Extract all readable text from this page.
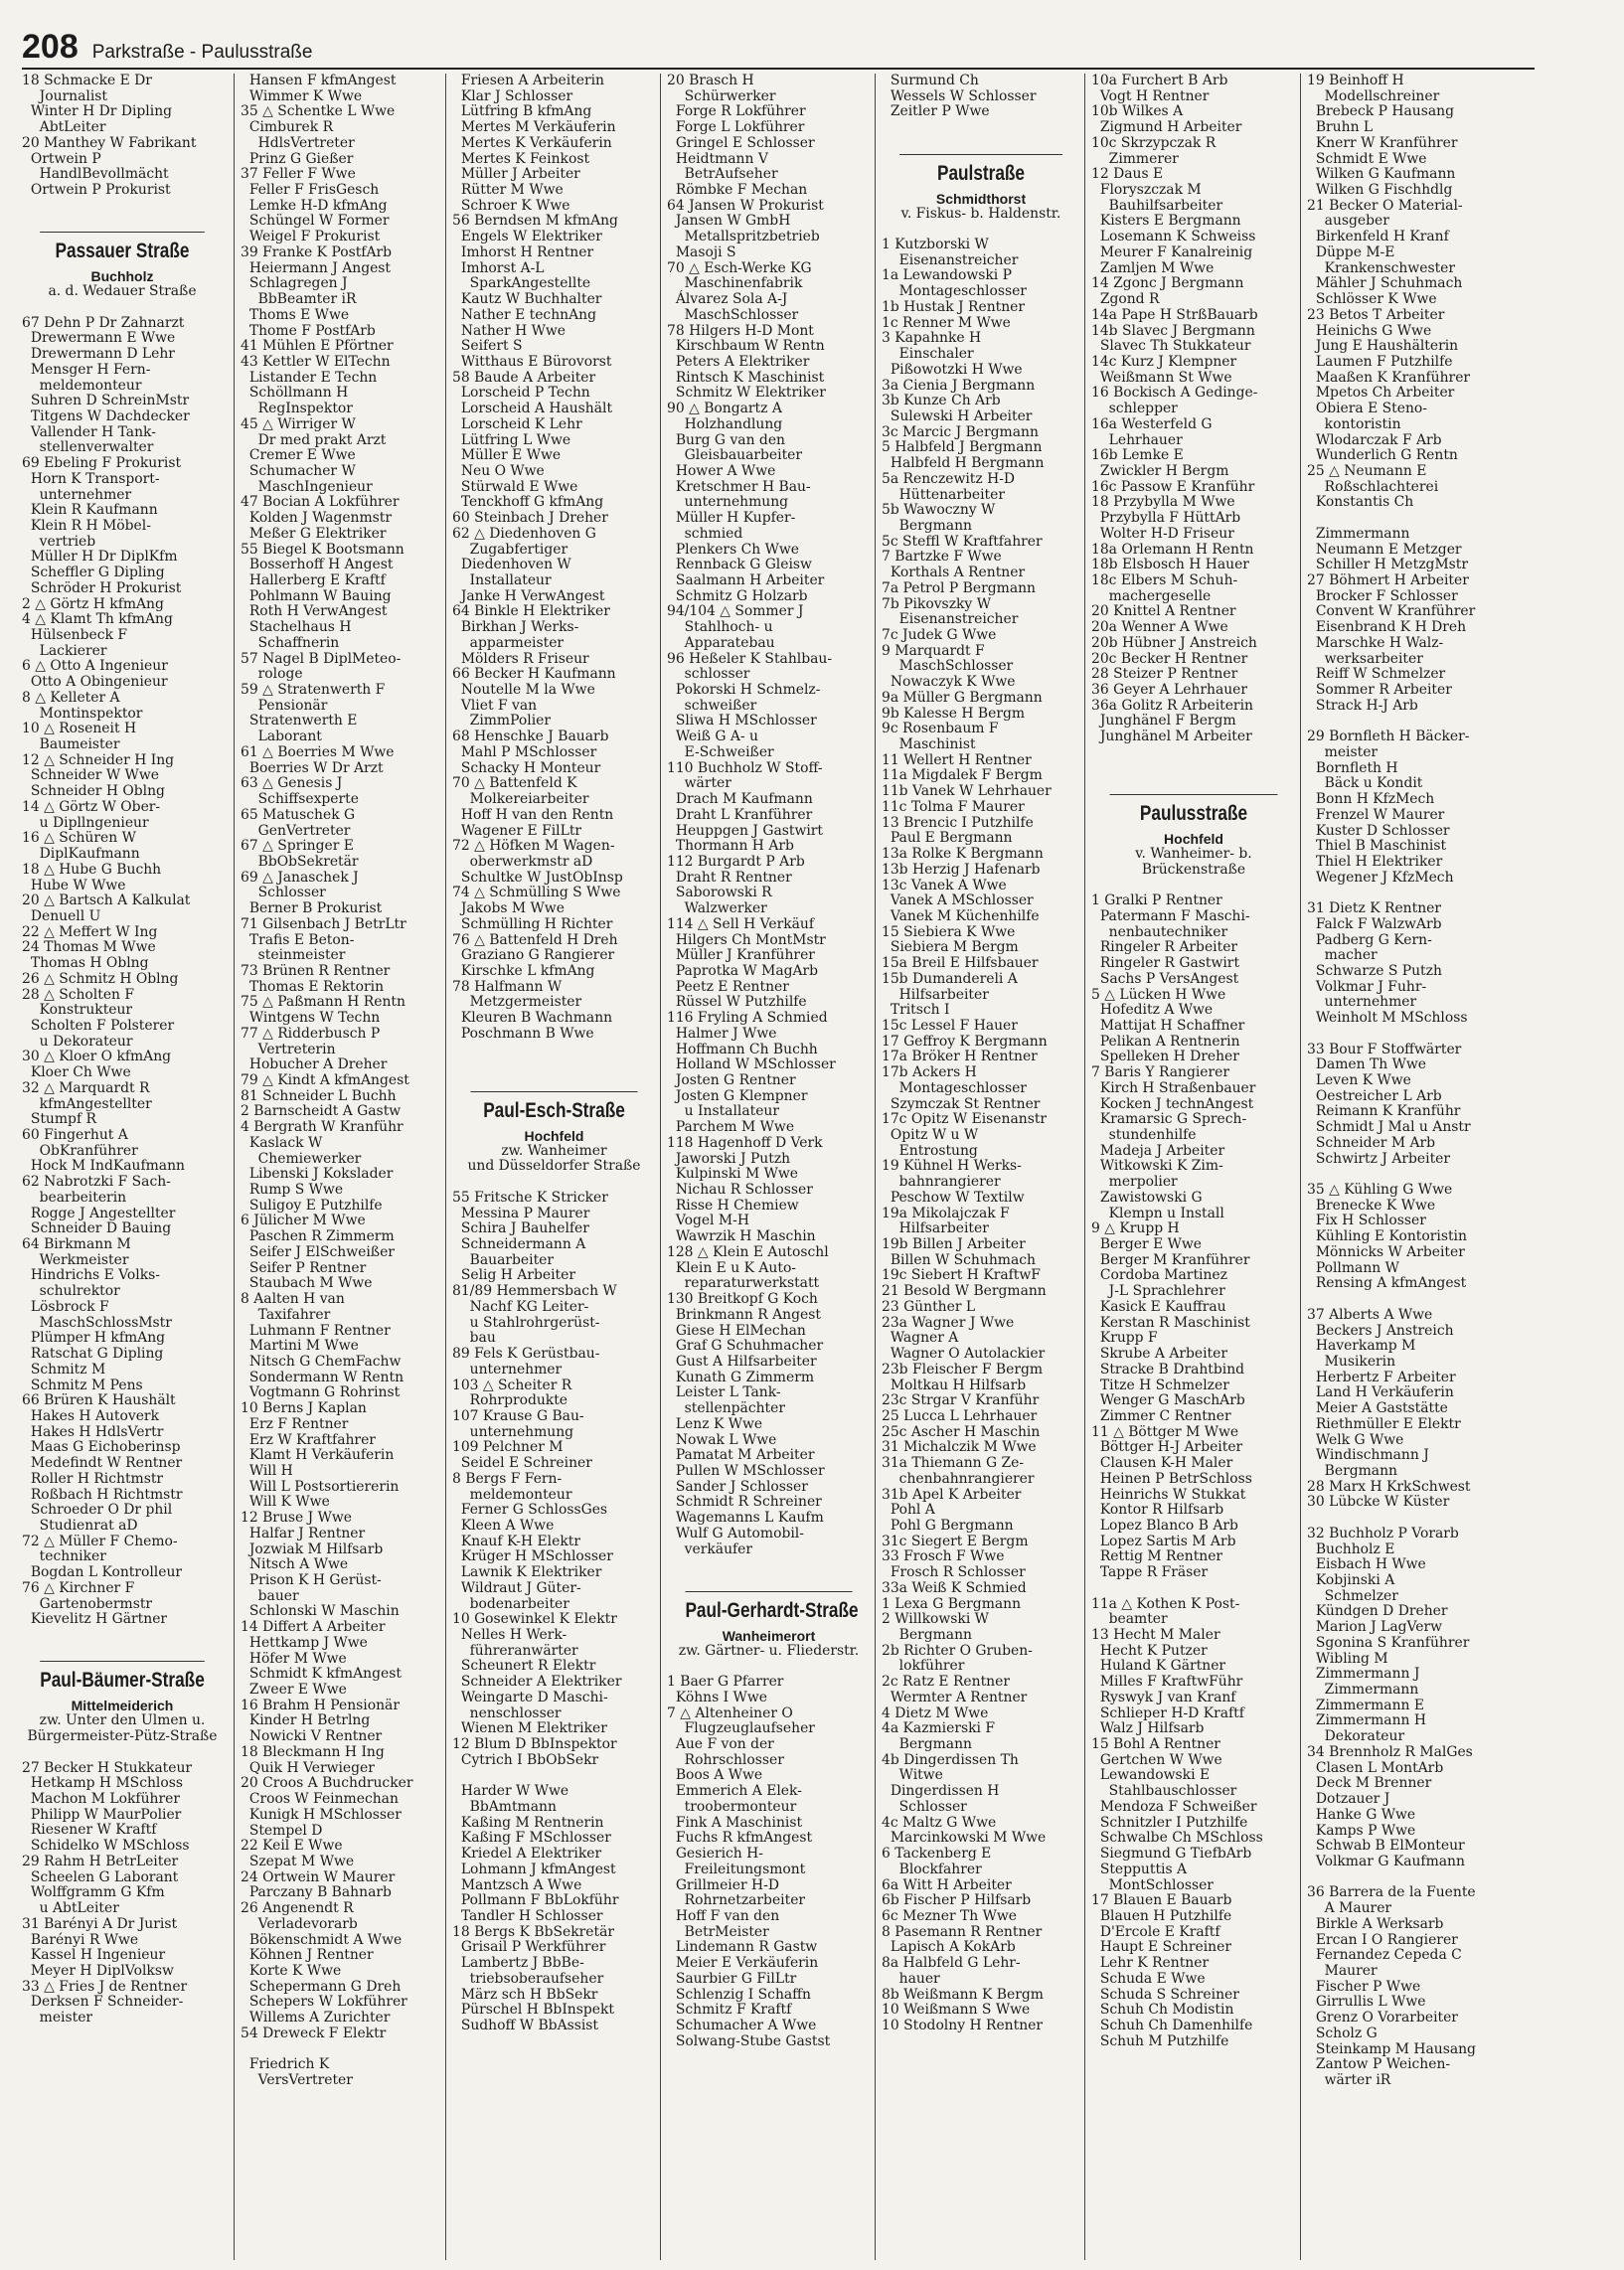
208 Parkstraße - Paulusstraße
18 Schmacke E Dr
Journalist
Winter H Dr Dipling
AbtLeiter
20 Manthey W Fabrikant
Ortwein P
HandlBevollmächt
Ortwein P Prokurist
Passauer Straße
Buchholz
a. d. Wedauer Straße
67 Dehn P Dr Zahnarzt
Drewermann E Wwe
Drewermann D Lehr
Mensger H Fern-
meldemonteur
Suhren D SchreinMstr
Titgens W Dachdecker
Vallender H Tank-
stellenverwalter
69 Ebeling F Prokurist
Horn K Transport-
unternehmer
Klein R Kaufmann
Klein R H Möbel-
vertrieb
Müller H Dr DiplKfm
Scheffler G Dipling
Schröder H Prokurist
2 △ Görtz H kfmAng
4 △ Klamt Th kfmAng
Hülsenbeck F
Lackierer
6 △ Otto A Ingenieur
Otto A Obingenieur
8 △ Kelleter A
Montinspektor
10 △ Roseneit H
Baumeister
12 △ Schneider H Ing
Schneider W Wwe
Schneider H Oblng
14 △ Görtz W Ober-
u Dipllngenieur
16 △ Schüren W
DiplKaufmann
18 △ Hube G Buchh
Hube W Wwe
20 △ Bartsch A Kalkulat
Denuell U
22 △ Meffert W Ing
24 Thomas M Wwe
Thomas H Oblng
26 △ Schmitz H Oblng
28 △ Scholten F
Konstrukteur
Scholten F Polsterer
u Dekorateur
30 △ Kloer O kfmAng
Kloer Ch Wwe
32 △ Marquardt R
kfmAngestellter
Stumpf R
60 Fingerhut A
ObKranführer
Hock M IndKaufmann
62 Nabrotzki F Sach-
bearbeiterin
Rogge J Angestellter
Schneider D Bauing
64 Birkmann M
Werkmeister
Hindrichs E Volks-
schulrektor
Lösbrock F
MaschSchlossMstr
Plümper H kfmAng
Ratschat G Dipling
Schmitz M
Schmitz M Pens
66 Brüren K Haushält
Hakes H Autoverk
Hakes H HdlsVertr
Maas G Eichoberinsp
Medefindt W Rentner
Roller H Richtmstr
Roßbach H Richtmstr
Schroeder O Dr phil
Studienrat aD
72 △ Müller F Chemo-
techniker
Bogdan L Kontrolleur
76 △ Kirchner F
Gartenobermstr
Kievelitz H Gärtner
Paul-Bäumer-Straße
Mittelmeiderich
zw. Unter den Ulmen u.
Bürgermeister-Pütz-Straße
27 Becker H Stukkateur
Hetkamp H MSchloss
Machon M Lokführer
Philipp W MaurPolier
Riesener W Kraftf
Schidelko W MSchloss
29 Rahm H BetrLeiter
Scheelen G Laborant
Wolffgramm G Kfm
u AbtLeiter
31 Barényi A Dr Jurist
Barényi R Wwe
Kassel H Ingenieur
Meyer H DiplVolksw
33 △ Fries J de Rentner
Derksen F Schneider-
meister
Hansen F kfmAngest
Wimmer K Wwe
35 △ Schentke L Wwe
Cimburek R
HdlsVertreter
Prinz G Gießer
37 Feller F Wwe
Feller F FrisGesch
Lemke H-D kfmAng
Schüngel W Former
Weigel F Prokurist
39 Franke K PostfArb
Heiermann J Angest
Schlagregen J
BbBeamter iR
Thoms E Wwe
Thome F PostfArb
41 Mühlen E Pförtner
43 Kettler W ElTechn
Listander E Techn
Schöllmann H
RegInspektor
45 △ Wirriger W
Dr med prakt Arzt
Cremer E Wwe
Schumacher W
MaschIngenieur
47 Bocian A Lokführer
Kolden J Wagenmstr
Meßer G Elektriker
55 Biegel K Bootsmann
Bosserhoff H Angest
Hallerberg E Kraftf
Pohlmann W Bauing
Roth H VerwAngest
Stachelhaus H
Schaffnerin
57 Nagel B DiplMeteo-
rologe
59 △ Stratenwerth F
Pensionär
Stratenwerth E
Laborant
61 △ Boerries M Wwe
Boerries W Dr Arzt
63 △ Genesis J
Schiffsexperte
65 Matuschek G
GenVertreter
67 △ Springer E
BbObSekretär
69 △ Janaschek J
Schlosser
Berner B Prokurist
71 Gilsenbach J BetrLtr
Trafis E Beton-
steinmeister
73 Brünen R Rentner
Thomas E Rektorin
75 △ Paßmann H Rentn
Wintgens W Techn
77 △ Ridderbusch P
Vertreterin
Hobucher A Dreher
79 △ Kindt A kfmAngest
81 Schneider L Buchh
2 Barnscheidt A Gastw
4 Bergrath W Kranführ
Kaslack W
Chemiewerker
Libenski J Kokslader
Rump S Wwe
Suligoy E Putzhilfe
6 Jülicher M Wwe
Paschen R Zimmerm
Seifer J ElSchweißer
Seifer P Rentner
Staubach M Wwe
8 Aalten H van
Taxifahrer
Luhmann F Rentner
Martini M Wwe
Nitsch G ChemFachw
Sondermann W Rentn
Vogtmann G Rohrinst
10 Berns J Kaplan
Erz F Rentner
Erz W Kraftfahrer
Klamt H Verkäuferin
Will H
Will L Postsortiererin
Will K Wwe
12 Bruse J Wwe
Halfar J Rentner
Jozwiak M Hilfsarb
Nitsch A Wwe
Prison K H Gerüst-
bauer
Schlonski W Maschin
14 Differt A Arbeiter
Hettkamp J Wwe
Höfer M Wwe
Schmidt K kfmAngest
Zweer E Wwe
16 Brahm H Pensionär
Kinder H Betrlng
Nowicki V Rentner
18 Bleckmann H Ing
Quik H Verwieger
20 Croos A Buchdrucker
Croos W Feinmechan
Kunigk H MSchlosser
Stempel D
22 Keil E Wwe
Szepat M Wwe
24 Ortwein W Maurer
Parczany B Bahnarb
26 Angenendt R
Verladevorarb
Bökenschmidt A Wwe
Köhnen J Rentner
Korte K Wwe
Schepermann G Dreh
Schepers W Lokführer
Willems A Zurichter
54 Dreweck F Elektr
Friedrich K
VersVertreter
Friesen A Arbeiterin
Klar J Schlosser
Lütfring B kfmAng
Mertes M Verkäuferin
Mertes K Verkäuferin
Mertes K Feinkost
Müller J Arbeiter
Rütter M Wwe
Schroer K Wwe
56 Berndsen M kfmAng
Engels W Elektriker
Imhorst H Rentner
Imhorst A-L
SparkAngestellte
Kautz W Buchhalter
Nather E technAng
Nather H Wwe
Seifert S
Witthaus E Bürovorst
58 Baude A Arbeiter
Lorscheid P Techn
Lorscheid A Haushält
Lorscheid K Lehr
Lütfring L Wwe
Müller E Wwe
Neu O Wwe
Stürwald E Wwe
Tenckhoff G kfmAng
60 Steinbach J Dreher
62 △ Diedenhoven G
Zugabfertiger
Diedenhoven W
Installateur
Janke H VerwAngest
64 Binkle H Elektriker
Birkhan J Werks-
apparmeister
Mölders R Friseur
66 Becker H Kaufmann
Noutelle M la Wwe
Vliet F van
ZimmPolier
68 Henschke J Bauarb
Mahl P MSchlosser
Schacky H Monteur
70 △ Battenfeld K
Molkereiarbeiter
Hoff H van den Rentn
Wagener E FilLtr
72 △ Höfken M Wagen-
oberwerkmstr aD
Schultke W JustObInsp
74 △ Schmülling S Wwe
Jakobs M Wwe
Schmülling H Richter
76 △ Battenfeld H Dreh
Graziano G Rangierer
Kirschke L kfmAng
78 Halfmann W
Metzgermeister
Kleuren B Wachmann
Poschmann B Wwe
Paul-Esch-Straße
Hochfeld
zw. Wanheimer
und Düsseldorfer Straße
55 Fritsche K Stricker
Messina P Maurer
Schira J Bauhelfer
Schneidermann A
Bauarbeiter
Selig H Arbeiter
81/89 Hemmersbach W
Nachf KG Leiter-
u Stahlrohrgerüst-
bau
89 Fels K Gerüstbau-
unternehmer
103 △ Scheiter R
Rohrprodukte
107 Krause G Bau-
unternehmung
109 Pelchner M
Seidel E Schreiner
8 Bergs F Fern-
meldemonteur
Ferner G SchlossGes
Kleen A Wwe
Knauf K-H Elektr
Krüger H MSchlosser
Lawnik K Elektriker
Wildraut J Güter-
bodenarbeiter
10 Gosewinkel K Elektr
Nelles H Werk-
führeranwärter
Scheunert R Elektr
Schneider A Elektriker
Weingarte D Maschi-
nenschlosser
Wienen M Elektriker
12 Blum D BbInspektor
Cytrich I BbObSekr
Harder W Wwe
BbAmtmann
Kaßing M Rentnerin
Kaßing F MSchlosser
Kriedel A Elektriker
Lohmann J kfmAngest
Mantzsch A Wwe
Pollmann F BbLokführ
Tandler H Schlosser
18 Bergs K BbSekretär
Grisail P Werkführer
Lambertz J BbBe-
triebsoberaufseher
März sch H BbSekr
Pürschel H BbInspekt
Sudhoff W BbAssist
20 Brasch H
Schürwerker
Forge R Lokführer
Forge L Lokführer
Gringel E Schlosser
Heidtmann V
BetrAufseher
Römbke F Mechan
64 Jansen W Prokurist
Jansen W GmbH
Metallspritzbetrieb
Masoji S
70 △ Esch-Werke KG
Maschinenfabrik
Álvarez Sola A-J
MaschSchlosser
78 Hilgers H-D Mont
Kirschbaum W Rentn
Peters A Elektriker
Rintsch K Maschinist
Schmitz W Elektriker
90 △ Bongartz A
Holzhandlung
Burg G van den
Gleisbauarbeiter
Hower A Wwe
Kretschmer H Bau-
unternehmung
Müller H Kupfer-
schmied
Plenkers Ch Wwe
Rennback G Gleisw
Saalmann H Arbeiter
Schmitz G Holzarb
94/104 △ Sommer J
Stahlhoch- u
Apparatebau
96 Heßeler K Stahlbau-
schlosser
Pokorski H Schmelz-
schweißer
Sliwa H MSchlosser
Weiß G A- u
E-Schweißer
110 Buchholz W Stoff-
wärter
Drach M Kaufmann
Draht L Kranführer
Heuppgen J Gastwirt
Thormann H Arb
112 Burgardt P Arb
Draht R Rentner
Saborowski R
Walzwerker
114 △ Sell H Verkäuf
Hilgers Ch MontMstr
Müller J Kranführer
Paprotka W MagArb
Peetz E Rentner
Rüssel W Putzhilfe
116 Fryling A Schmied
Halmer J Wwe
Hoffmann Ch Buchh
Holland W MSchlosser
Josten G Rentner
Josten G Klempner
u Installateur
Parchem M Wwe
118 Hagenhoff D Verk
Jaworski J Putzh
Kulpinski M Wwe
Nichau R Schlosser
Risse H Chemiew
Vogel M-H
Wawrzik H Maschin
128 △ Klein E Autoschl
Klein E u K Auto-
reparaturwerkstatt
130 Breitkopf G Koch
Brinkmann R Angest
Giese H ElMechan
Graf G Schuhmacher
Gust A Hilfsarbeiter
Kunath G Zimmerm
Leister L Tank-
stellenpächter
Lenz K Wwe
Nowak L Wwe
Pamatat M Arbeiter
Pullen W MSchlosser
Sander J Schlosser
Schmidt R Schreiner
Wagemanns L Kaufm
Wulf G Automobil-
verkäufer
Paul-Gerhardt-Straße
Wanheimerort
zw. Gärtner- u. Fliederstr.
1 Baer G Pfarrer
Köhns I Wwe
7 △ Altenheiner O
Flugzeuglaufseher
Aue F von der
Rohrschlosser
Boos A Wwe
Emmerich A Elek-
troobermonteur
Fink A Maschinist
Fuchs R kfmAngest
Gesierich H-
Freileitungsmont
Grillmeier H-D
Rohrnetzarbeiter
Hoff F van den
BetrMeister
Lindemann R Gastw
Meier E Verkäuferin
Saurbier G FilLtr
Schlenzig I Schaffn
Schmitz F Kraftf
Schumacher A Wwe
Solwang-Stube Gastst
Surmund Ch
Wessels W Schlosser
Zeitler P Wwe
Paulstraße
Schmidthorst
v. Fiskus- b. Haldenstr.
1 Kutzborski W
Eisenanstreicher
1a Lewandowski P
Montageschlosser
1b Hustak J Rentner
1c Renner M Wwe
3 Kapahnke H
Einschaler
Pißowotzki H Wwe
3a Cienia J Bergmann
3b Kunze Ch Arb
Sulewski H Arbeiter
3c Marcic J Bergmann
5 Halbfeld J Bergmann
Halbfeld H Bergmann
5a Renczewitz H-D
Hüttenarbeiter
5b Wawoczny W
Bergmann
5c Steffl W Kraftfahrer
7 Bartzke F Wwe
Korthals A Rentner
7a Petrol P Bergmann
7b Pikovszky W
Eisenanstreicher
7c Judek G Wwe
9 Marquardt F
MaschSchlosser
Nowaczyk K Wwe
9a Müller G Bergmann
9b Kalesse H Bergm
9c Rosenbaum F
Maschinist
11 Wellert H Rentner
11a Migdalek F Bergm
11b Vanek W Lehrhauer
11c Tolma F Maurer
13 Brencic I Putzhilfe
Paul E Bergmann
13a Rolke K Bergmann
13b Herzig J Hafenarb
13c Vanek A Wwe
Vanek A MSchlosser
Vanek M Küchenhilfe
15 Siebiera K Wwe
Siebiera M Bergm
15a Breil E Hilfsbauer
15b Dumandereli A
Hilfsarbeiter
Tritsch I
15c Lessel F Hauer
17 Geffroy K Bergmann
17a Bröker H Rentner
17b Ackers H
Montageschlosser
Szymczak St Rentner
17c Opitz W Eisenanstr
Opitz W u W
Entrostung
19 Kühnel H Werks-
bahnrangierer
Peschow W Textilw
19a Mikolajczak F
Hilfsarbeiter
19b Billen J Arbeiter
Billen W Schuhmach
19c Siebert H KraftwF
21 Besold W Bergmann
23 Günther L
23a Wagner J Wwe
Wagner A
Wagner O Autolackier
23b Fleischer F Bergm
Moltkau H Hilfsarb
23c Strgar V Kranführ
25 Lucca L Lehrhauer
25c Ascher H Maschin
31 Michalczik M Wwe
31a Thiemann G Ze-
chenbahnrangierer
31b Apel K Arbeiter
Pohl A
Pohl G Bergmann
31c Siegert E Bergm
33 Frosch F Wwe
Frosch R Schlosser
33a Weiß K Schmied
1 Lexa G Bergmann
2 Willkowski W
Bergmann
2b Richter O Gruben-
lokführer
2c Ratz E Rentner
Wermter A Rentner
4 Dietz M Wwe
4a Kazmierski F
Bergmann
4b Dingerdissen Th
Witwe
Dingerdissen H
Schlosser
4c Maltz G Wwe
Marcinkowski M Wwe
6 Tackenberg E
Blockfahrer
6a Witt H Arbeiter
6b Fischer P Hilfsarb
6c Mezner Th Wwe
8 Pasemann R Rentner
Lapisch A KokArb
8a Halbfeld G Lehr-
hauer
8b Weißmann K Bergm
10 Weißmann S Wwe
10 Stodolny H Rentner
10a Furchert B Arb
Vogt H Rentner
10b Wilkes A
Zigmund H Arbeiter
10c Skrzypczak R
Zimmerer
12 Daus E
Floryszczak M
Bauhilfsarbeiter
Kisters E Bergmann
Losemann K Schweiss
Meurer F Kanalreinig
Zamljen M Wwe
14 Zgonc J Bergmann
Zgond R
14a Pape H StrßBauarb
14b Slavec J Bergmann
Slavec Th Stukkateur
14c Kurz J Klempner
Weißmann St Wwe
16 Bockisch A Gedinge-
schlepper
16a Westerfeld G
Lehrhauer
16b Lemke E
Zwickler H Bergm
16c Passow E Kranführ
18 Przybylla M Wwe
Przybylla F HüttArb
Wolter H-D Friseur
18a Orlemann H Rentn
18b Elsbosch H Hauer
18c Elbers M Schuh-
machergeselle
20 Knittel A Rentner
20a Wenner A Wwe
20b Hübner J Anstreich
20c Becker H Rentner
28 Steizer P Rentner
36 Geyer A Lehrhauer
36a Golitz R Arbeiterin
Junghänel F Bergm
Junghänel M Arbeiter
Paulusstraße
Hochfeld
v. Wanheimer- b.
Brückenstraße
1 Gralki P Rentner
Patermann F Maschi-
nenbautechniker
Ringeler R Arbeiter
Ringeler R Gastwirt
Sachs P VersAngest
5 △ Lücken H Wwe
Hofeditz A Wwe
Mattijat H Schaffner
Pelikan A Rentnerin
Spelleken H Dreher
7 Baris Y Rangierer
Kirch H Straßenbauer
Kocken J technAngest
Kramarsic G Sprech-
stundenhilfe
Madeja J Arbeiter
Witkowski K Zim-
merpolier
Zawistowski G
Klempn u Install
9 △ Krupp H
Berger E Wwe
Berger M Kranführer
Cordoba Martinez
J-L Sprachlehrer
Kasick E Kauffrau
Kerstan R Maschinist
Krupp F
Skrube A Arbeiter
Stracke B Drahtbind
Titze H Schmelzer
Wenger G MaschArb
Zimmer C Rentner
11 △ Böttger M Wwe
Böttger H-J Arbeiter
Clausen K-H Maler
Heinen P BetrSchloss
Heinrichs W Stukkat
Kontor R Hilfsarb
Lopez Blanco B Arb
Lopez Sartis M Arb
Rettig M Rentner
Tappe R Fräser
11a △ Kothen K Post-
beamter
13 Hecht M Maler
Hecht K Putzer
Huland K Gärtner
Milles F KraftwFühr
Ryswyk J van Kranf
Schlieper H-D Kraftf
Walz J Hilfsarb
15 Bohl A Rentner
Gertchen W Wwe
Lewandowski E
Stahlbauschlosser
Mendoza F Schweißer
Schnitzler I Putzhilfe
Schwalbe Ch MSchloss
Siegmund G TiefbArb
Stepputtis A
MontSchlosser
17 Blauen E Bauarb
Blauen H Putzhilfe
D'Ercole E Kraftf
Haupt E Schreiner
Lehr K Rentner
Schuda E Wwe
Schuda S Schreiner
Schuh Ch Modistin
Schuh Ch Damenhilfe
Schuh M Putzhilfe
19 Beinhoff H
Modellschreiner
Brebeck P Hausang
Bruhn L
Knerr W Kranführer
Schmidt E Wwe
Wilken G Kaufmann
Wilken G Fischhdlg
21 Becker O Material-
ausgeber
Birkenfeld H Kranf
Düppe M-E
Krankenschwester
Mähler J Schuhmach
Schlösser K Wwe
23 Betos T Arbeiter
Heinichs G Wwe
Jung E Haushälterin
Laumen F Putzhilfe
Maaßen K Kranführer
Mpetos Ch Arbeiter
Obiera E Steno-
kontoristin
Wlodarczak F Arb
Wunderlich G Rentn
25 △ Neumann E
Roßschlachterei
Konstantis Ch
Zimmermann
Neumann E Metzger
Schiller H MetzgMstr
27 Böhmert H Arbeiter
Brocker F Schlosser
Convent W Kranführer
Eisenbrand K H Dreh
Marschke H Walz-
werksarbeiter
Reiff W Schmelzer
Sommer R Arbeiter
Strack H-J Arb
29 Bornfleth H Bäcker-
meister
Bornfleth H
Bäck u Kondit
Bonn H KfzMech
Frenzel W Maurer
Kuster D Schlosser
Thiel B Maschinist
Thiel H Elektriker
Wegener J KfzMech
31 Dietz K Rentner
Falck F WalzwArb
Padberg G Kern-
macher
Schwarze S Putzh
Volkmar J Fuhr-
unternehmer
Weinholt M MSchloss
33 Bour F Stoffwärter
Damen Th Wwe
Leven K Wwe
Oestreicher L Arb
Reimann K Kranführ
Schmidt J Mal u Anstr
Schneider M Arb
Schwirtz J Arbeiter
35 △ Kühling G Wwe
Brenecke K Wwe
Fix H Schlosser
Kühling E Kontoristin
Mönnicks W Arbeiter
Pollmann W
Rensing A kfmAngest
37 Alberts A Wwe
Beckers J Anstreich
Haverkamp M
Musikerin
Herbertz F Arbeiter
Land H Verkäuferin
Meier A Gaststätte
Riethmüller E Elektr
Welk G Wwe
Windischmann J
Bergmann
28 Marx H KrkSchwest
30 Lübcke W Küster
32 Buchholz P Vorarb
Buchholz E
Eisbach H Wwe
Kobjinski A
Schmelzer
Kündgen D Dreher
Marion J LagVerw
Sgonina S Kranführer
Wibling M
Zimmermann J
Zimmermann
Zimmermann E
Zimmermann H
Dekorateur
34 Brennholz R MalGes
Clasen L MontArb
Deck M Brenner
Dotzauer J
Hanke G Wwe
Kamps P Wwe
Schwab B ElMonteur
Volkmar G Kaufmann
36 Barrera de la Fuente
A Maurer
Birkle A Werksarb
Ercan I O Rangierer
Fernandez Cepeda C
Maurer
Fischer P Wwe
Girrullis L Wwe
Grenz O Vorarbeiter
Scholz G
Steinkamp M Hausang
Zantow P Weichen-
wärter iR
